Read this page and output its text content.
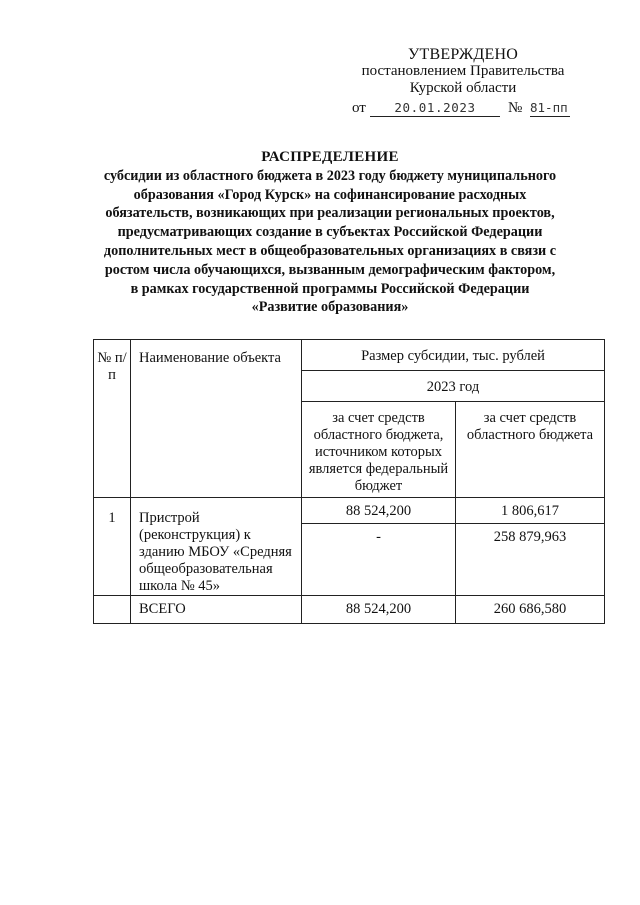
УТВЕРЖДЕНО
постановлением Правительства
Курской области
от	20.01.2023	№ 81-пп
РАСПРЕДЕЛЕНИЕ
субсидии из областного бюджета в 2023 году бюджету муниципального
образования «Город Курск» на софинансирование расходных
обязательств, возникающих при реализации региональных проектов,
предусматривающих создание в субъектах Российской Федерации
дополнительных мест в общеобразовательных организациях в связи с
ростом числа обучающихся, вызванным демографическим фактором,
в рамках государственной программы Российской Федерации
«Развитие образования»
№ п/п	Наименование объекта	Размер субсидии, тыс. рублей	

		2023 год	

		за счет средств областного бюджета, источником которых является федеральный бюджет	за счет средств областного бюджета

1	Пристрой
(реконструкция) к
зданию МБОУ «Средняя
общеобразовательная
школа № 45»	88 524,200	1 806,617

		-	258 879,963

	ВСЕГО	88 524,200	260 686,580
